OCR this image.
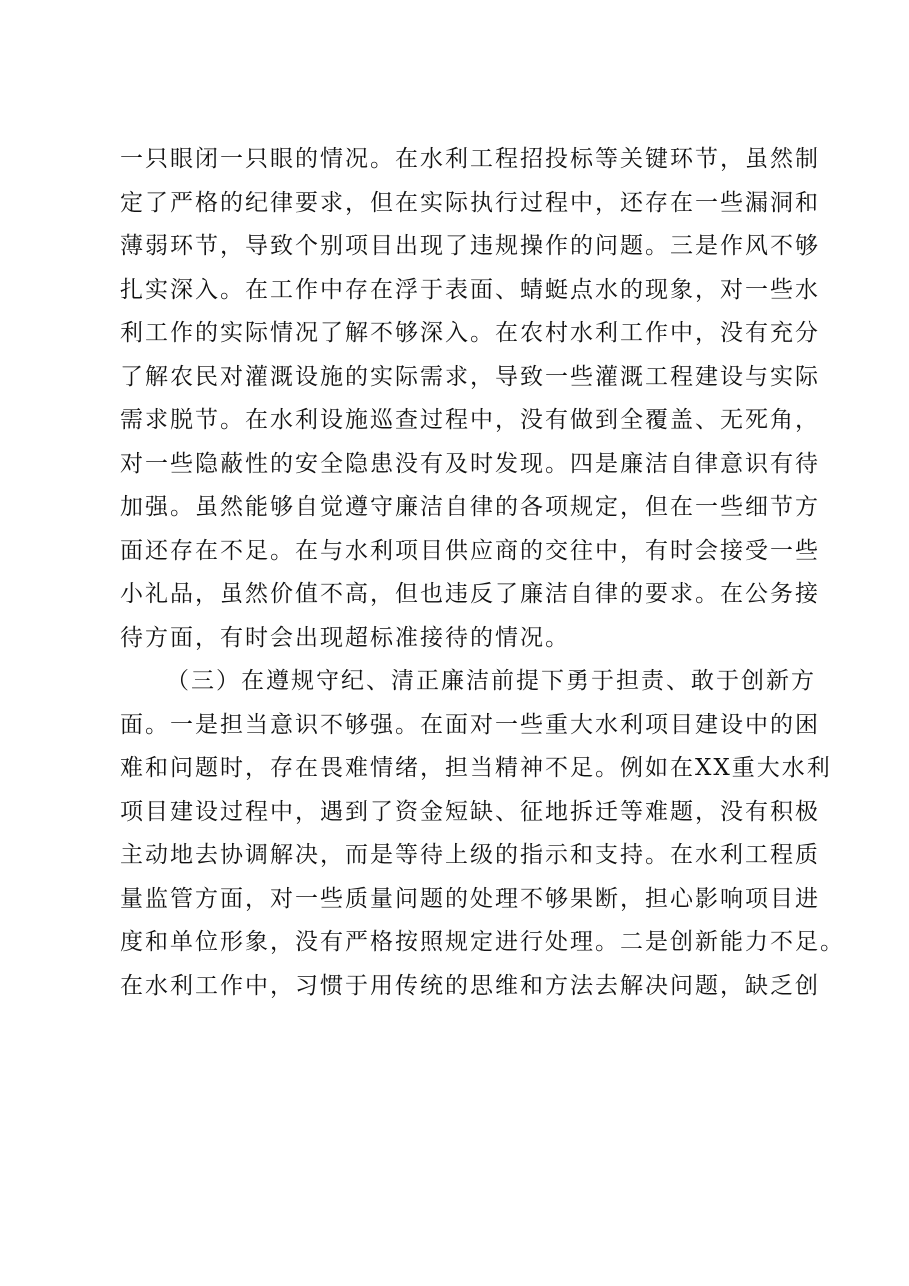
一只眼闭一只眼的情况。在水利工程招投标等关键环节，虽然制
定了严格的纪律要求，但在实际执行过程中，还存在一些漏洞和
薄弱环节，导致个别项目出现了违规操作的问题。三是作风不够
扎实深入。在工作中存在浮于表面、蜻蜓点水的现象，对一些水
利工作的实际情况了解不够深入。在农村水利工作中，没有充分
了解农民对灌溉设施的实际需求，导致一些灌溉工程建设与实际
需求脱节。在水利设施巡查过程中，没有做到全覆盖、无死角，
对一些隐蔽性的安全隐患没有及时发现。四是廉洁自律意识有待
加强。虽然能够自觉遵守廉洁自律的各项规定，但在一些细节方
面还存在不足。在与水利项目供应商的交往中，有时会接受一些
小礼品，虽然价值不高，但也违反了廉洁自律的要求。在公务接
待方面，有时会出现超标准接待的情况。
（三）在遵规守纪、清正廉洁前提下勇于担责、敢于创新方
面。一是担当意识不够强。在面对一些重大水利项目建设中的困
难和问题时，存在畏难情绪，担当精神不足。例如在XX重大水利
项目建设过程中，遇到了资金短缺、征地拆迁等难题，没有积极
主动地去协调解决，而是等待上级的指示和支持。在水利工程质
量监管方面，对一些质量问题的处理不够果断，担心影响项目进
度和单位形象，没有严格按照规定进行处理。二是创新能力不足。
在水利工作中，习惯于用传统的思维和方法去解决问题，缺乏创
